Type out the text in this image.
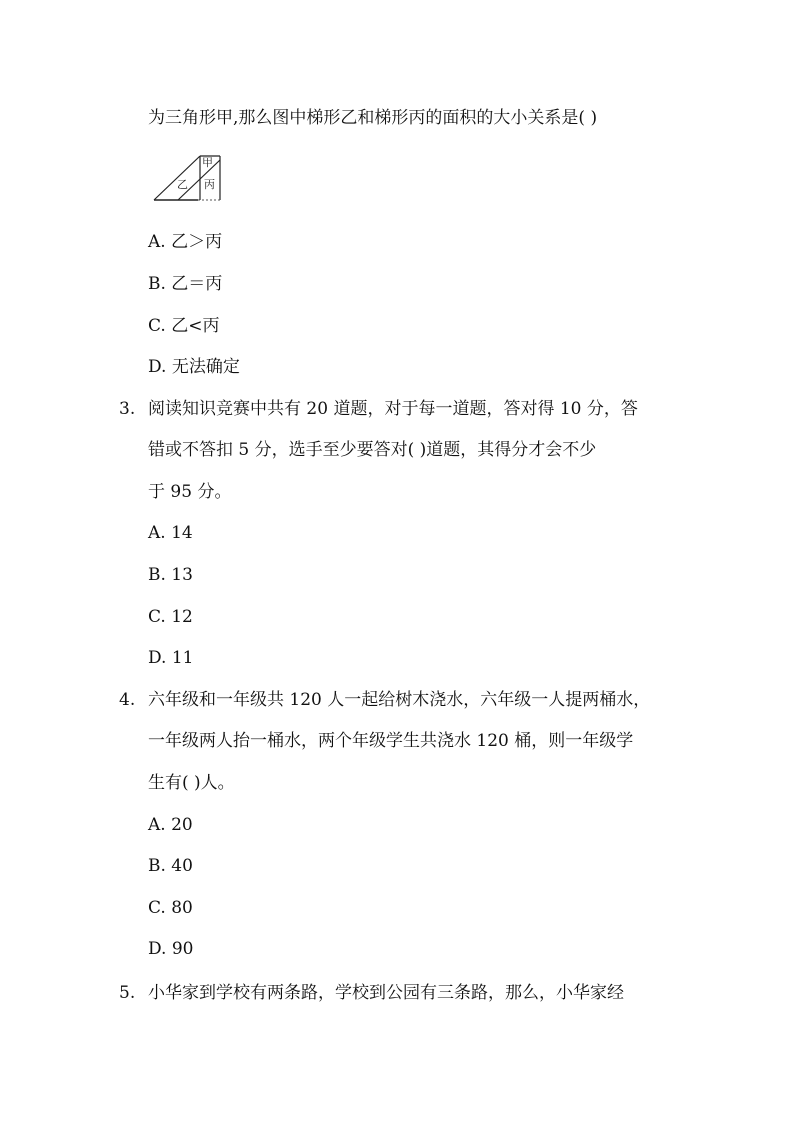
为三角形甲,那么图中梯形乙和梯形丙的面积的大小关系是( )
甲
乙 丙
A. 乙＞丙
B. 乙＝丙
C. 乙<丙
D. 无法确定
3. 阅读知识竞赛中共有 20 道题，对于每一道题，答对得 10 分，答
错或不答扣 5 分，选手至少要答对( )道题，其得分才会不少
于 95 分。
A. 14
B. 13
C. 12
D. 11
4. 六年级和一年级共 120 人一起给树木浇水，六年级一人提两桶水，
一年级两人抬一桶水，两个年级学生共浇水 120 桶，则一年级学
生有( )人。
A. 20
B. 40
C. 80
D. 90
5. 小华家到学校有两条路，学校到公园有三条路，那么，小华家经
